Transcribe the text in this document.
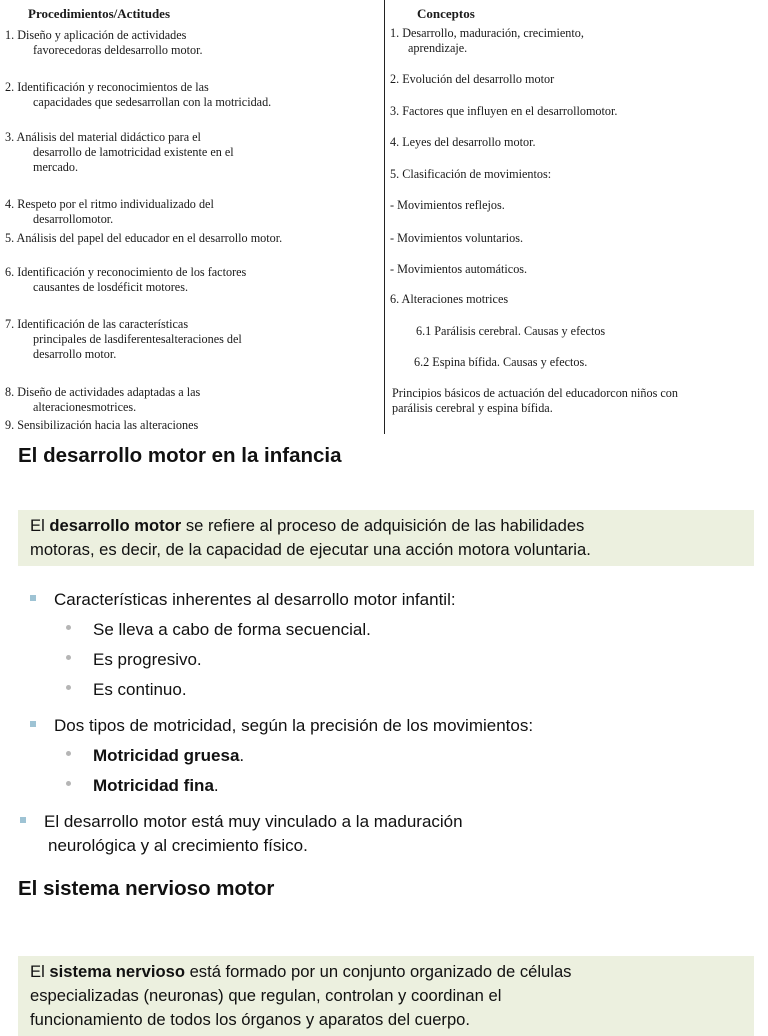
Procedimientos/Actitudes	Conceptos
1. Diseño y aplicación de actividades
favorecedoras deldesarrollo motor.
2. Identificación y reconocimientos de las
capacidades que sedesarrollan con la motricidad.
3. Análisis del material didáctico para el
desarrollo de lamotricidad existente en el
mercado.
4. Respeto por el ritmo individualizado del
desarrollomotor.
5. Análisis del papel del educador en el desarrollo motor.
6. Identificación y reconocimiento de los factores
causantes de losdéficit motores.
7. Identificación de las características
principales de lasdiferentesalteraciones del
desarrollo motor.
8. Diseño de actividades adaptadas a las
alteracionesmotrices.
9. Sensibilización hacia las alteraciones
1. Desarrollo, maduración, crecimiento,
aprendizaje.
2. Evolución del desarrollo motor
3. Factores que influyen en el desarrollomotor.
4. Leyes del desarrollo motor.
5. Clasificación de movimientos:
- Movimientos reflejos.
- Movimientos voluntarios.
- Movimientos automáticos.
6. Alteraciones motrices
6.1 Parálisis cerebral. Causas y efectos
6.2 Espina bífida. Causas y efectos.
Principios básicos de actuación del educadorcon niños con
parálisis cerebral y espina bífida.
El desarrollo motor en la infancia
El desarrollo motor se refiere al proceso de adquisición de las habilidades
motoras, es decir, de la capacidad de ejecutar una acción motora voluntaria.
Características inherentes al desarrollo motor infantil:
Se lleva a cabo de forma secuencial.
Es progresivo.
Es continuo.
Dos tipos de motricidad, según la precisión de los movimientos:
Motricidad gruesa.
Motricidad fina.
El desarrollo motor está muy vinculado a la maduración
neurológica y al crecimiento físico.
El sistema nervioso motor
El sistema nervioso está formado por un conjunto organizado de células
especializadas (neuronas) que regulan, controlan y coordinan el
funcionamiento de todos los órganos y aparatos del cuerpo.
